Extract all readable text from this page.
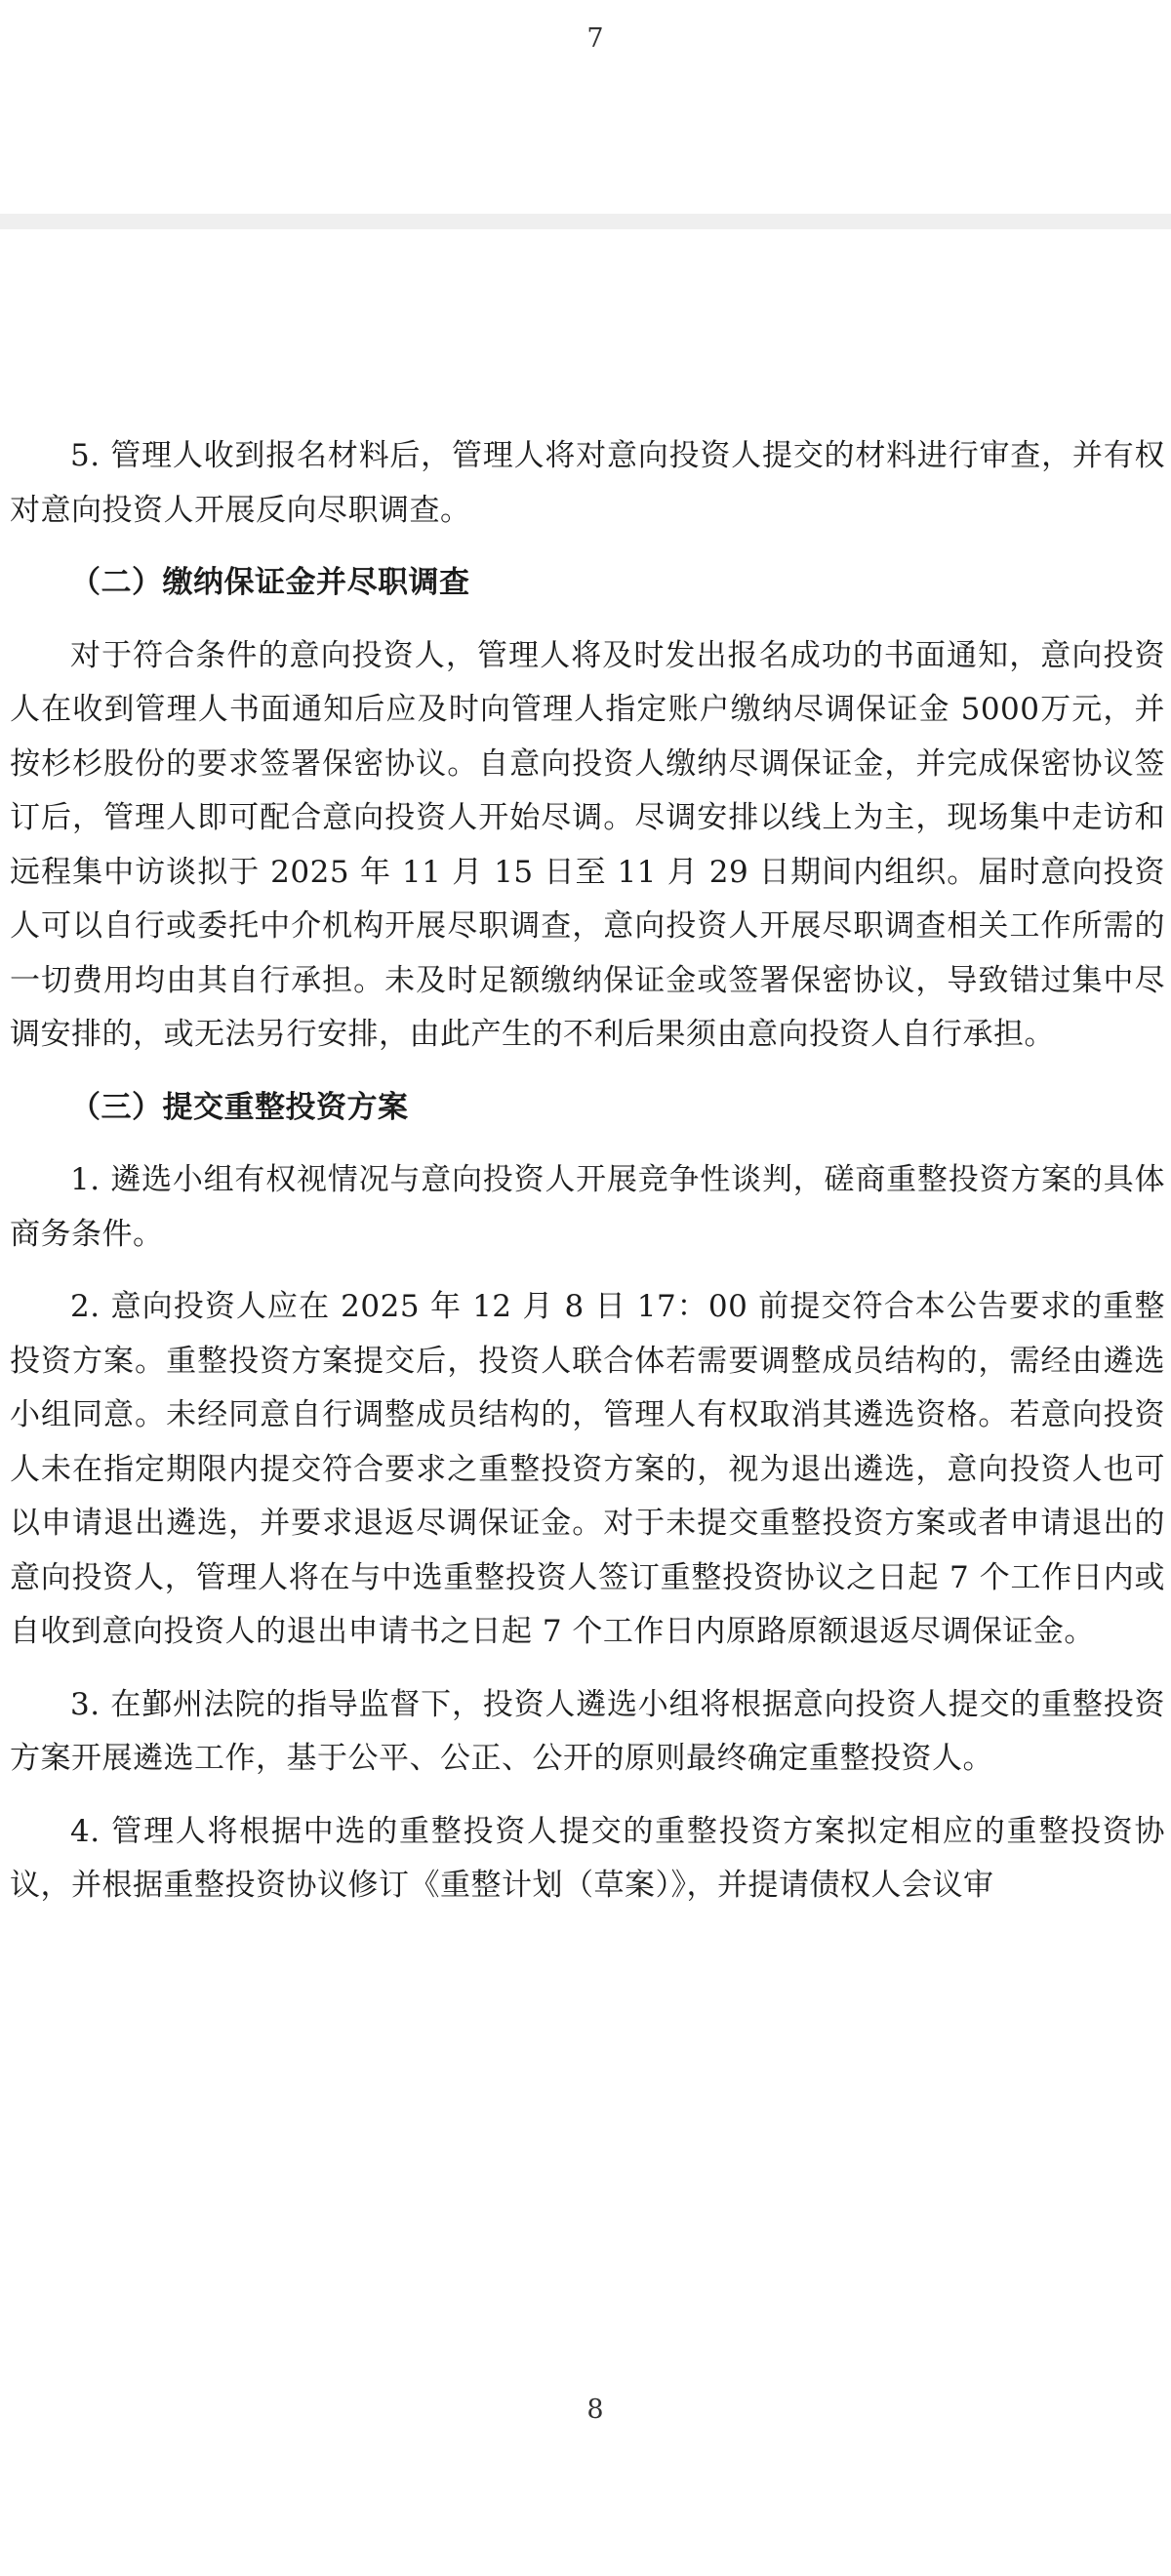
7

5. 管理人收到报名材料后，管理人将对意向投资人提交的材料进行审查，并有权对意向投资人开展反向尽职调查。

（二）缴纳保证金并尽职调查

对于符合条件的意向投资人，管理人将及时发出报名成功的书面通知，意向投资人在收到管理人书面通知后应及时向管理人指定账户缴纳尽调保证金 5000万元，并按杉杉股份的要求签署保密协议。自意向投资人缴纳尽调保证金，并完成保密协议签订后，管理人即可配合意向投资人开始尽调。尽调安排以线上为主，现场集中走访和远程集中访谈拟于 2025 年 11 月 15 日至 11 月 29 日期间内组织。届时意向投资人可以自行或委托中介机构开展尽职调查，意向投资人开展尽职调查相关工作所需的一切费用均由其自行承担。未及时足额缴纳保证金或签署保密协议，导致错过集中尽调安排的，或无法另行安排，由此产生的不利后果须由意向投资人自行承担。

（三）提交重整投资方案

1. 遴选小组有权视情况与意向投资人开展竞争性谈判，磋商重整投资方案的具体商务条件。

2. 意向投资人应在 2025 年 12 月 8 日 17：00 前提交符合本公告要求的重整投资方案。重整投资方案提交后，投资人联合体若需要调整成员结构的，需经由遴选小组同意。未经同意自行调整成员结构的，管理人有权取消其遴选资格。若意向投资人未在指定期限内提交符合要求之重整投资方案的，视为退出遴选，意向投资人也可以申请退出遴选，并要求退返尽调保证金。对于未提交重整投资方案或者申请退出的意向投资人，管理人将在与中选重整投资人签订重整投资协议之日起 7 个工作日内或自收到意向投资人的退出申请书之日起 7 个工作日内原路原额退返尽调保证金。

3. 在鄞州法院的指导监督下，投资人遴选小组将根据意向投资人提交的重整投资方案开展遴选工作，基于公平、公正、公开的原则最终确定重整投资人。

4. 管理人将根据中选的重整投资人提交的重整投资方案拟定相应的重整投资协议，并根据重整投资协议修订《重整计划（草案）》，并提请债权人会议审

8
